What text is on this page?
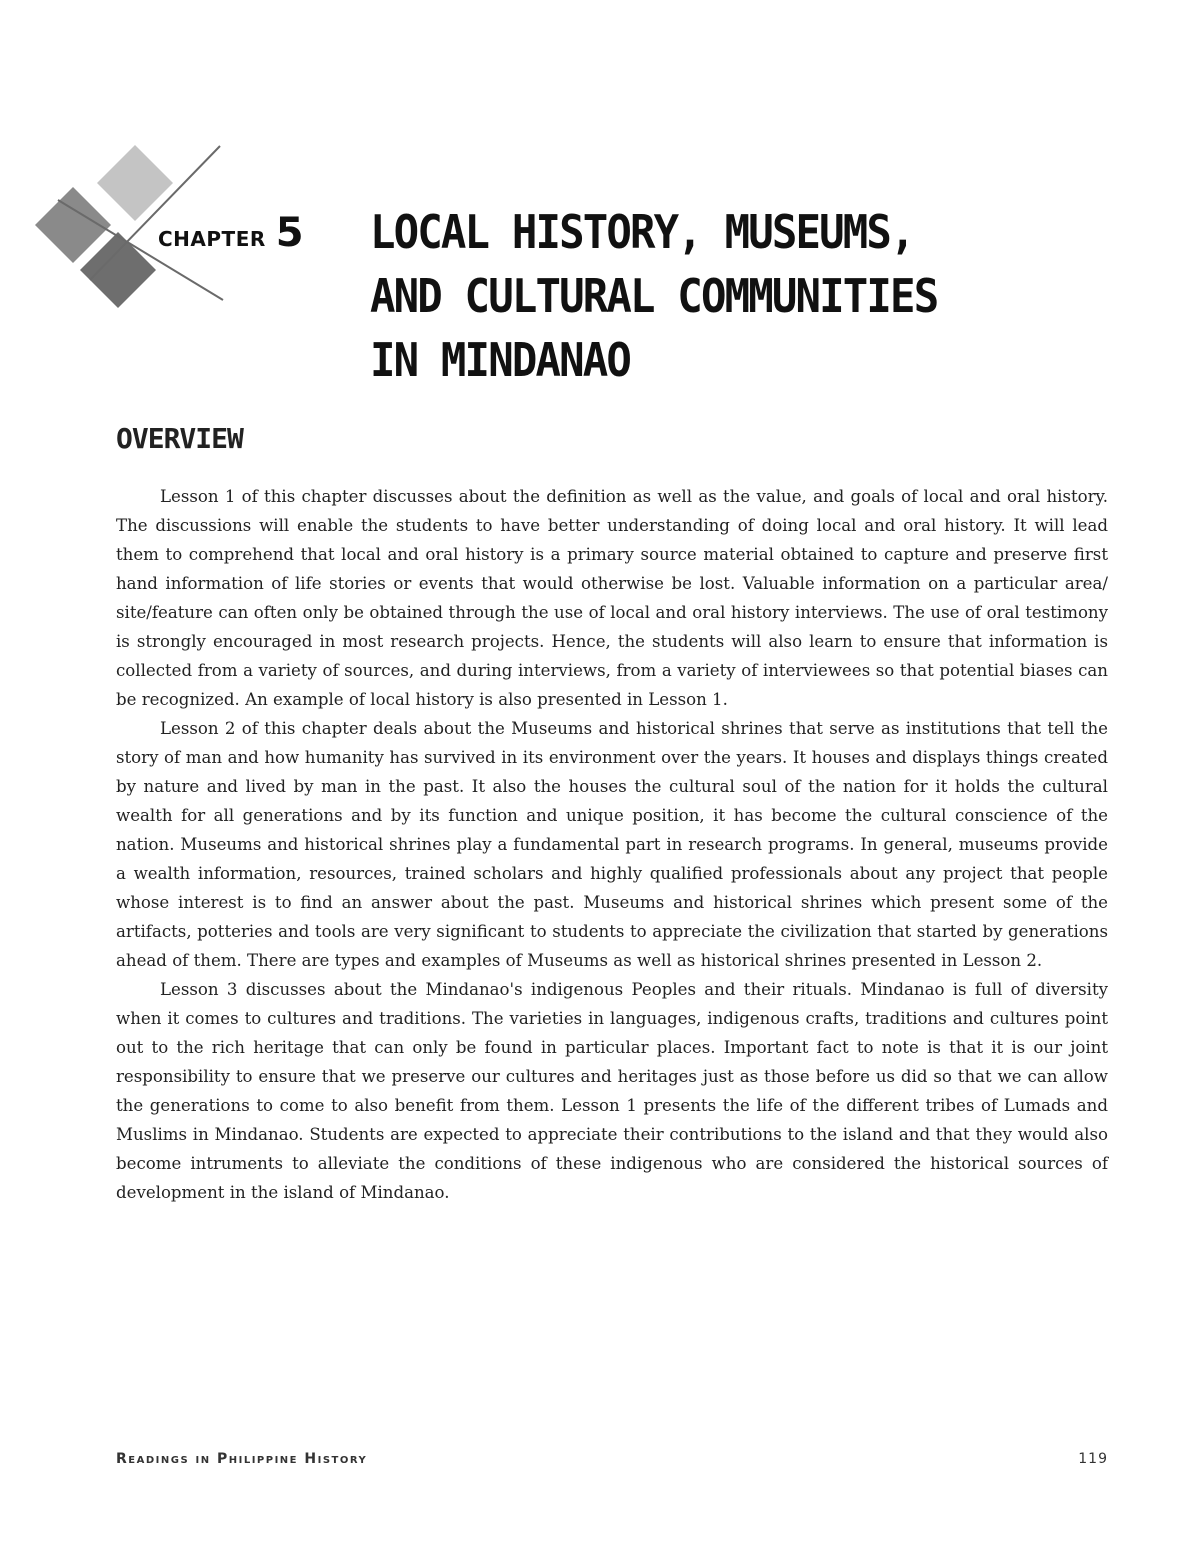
CHAPTER 5 LOCAL HISTORY, MUSEUMS,
AND CULTURAL COMMUNITIES
IN MINDANAO
OVERVIEW

Lesson 1 of this chapter discusses about the definition as well as the value, and goals of local and oral history. The discussions will enable the students to have better understanding of doing local and oral history. It will lead them to comprehend that local and oral history is a primary source material obtained to capture and preserve first hand information of life stories or events that would otherwise be lost. Valuable information on a particular area/ site/feature can often only be obtained through the use of local and oral history interviews. The use of oral testimony is strongly encouraged in most research projects. Hence, the students will also learn to ensure that information is collected from a variety of sources, and during interviews, from a variety of interviewees so that potential biases can be recognized. An example of local history is also presented in Lesson 1.

Lesson 2 of this chapter deals about the Museums and historical shrines that serve as institutions that tell the story of man and how humanity has survived in its environment over the years. It houses and displays things created by nature and lived by man in the past. It also the houses the cultural soul of the nation for it holds the cultural wealth for all generations and by its function and unique position, it has become the cultural conscience of the nation. Museums and historical shrines play a fundamental part in research programs. In general, museums provide a wealth information, resources, trained scholars and highly qualified professionals about any project that people whose interest is to find an answer about the past. Museums and historical shrines which present some of the artifacts, potteries and tools are very significant to students to appreciate the civilization that started by generations ahead of them. There are types and examples of Museums as well as historical shrines presented in Lesson 2.

Lesson 3 discusses about the Mindanao's indigenous Peoples and their rituals. Mindanao is full of diversity when it comes to cultures and traditions. The varieties in languages, indigenous crafts, traditions and cultures point out to the rich heritage that can only be found in particular places. Important fact to note is that it is our joint responsibility to ensure that we preserve our cultures and heritages just as those before us did so that we can allow the generations to come to also benefit from them. Lesson 1 presents the life of the different tribes of Lumads and Muslims in Mindanao. Students are expected to appreciate their contributions to the island and that they would also become intruments to alleviate the conditions of these indigenous who are considered the historical sources of development in the island of Mindanao.

Readings in Philippine History	119
